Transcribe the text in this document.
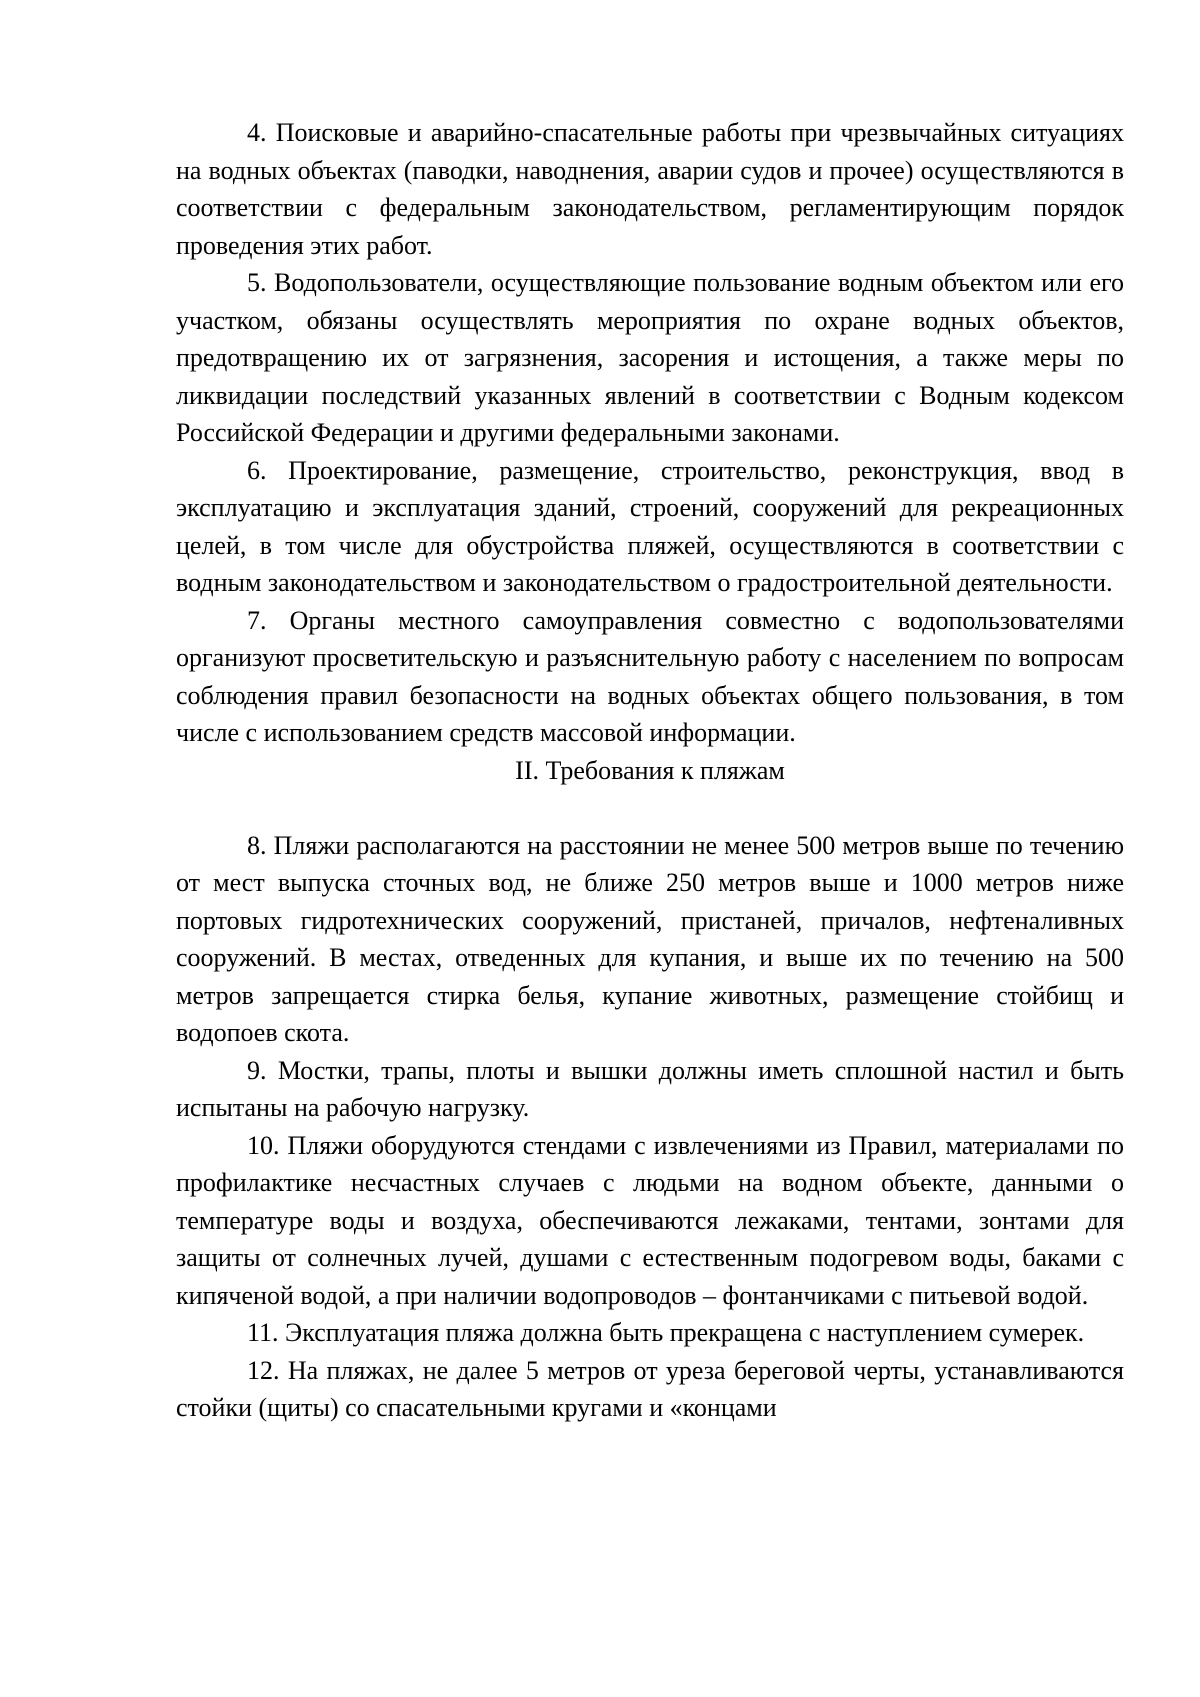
4. Поисковые и аварийно-спасательные работы при чрезвычайных ситуациях на водных объектах (паводки, наводнения, аварии судов и прочее) осуществляются в соответствии с федеральным законодательством, регламентирующим порядок проведения этих работ.

5. Водопользователи, осуществляющие пользование водным объектом или его участком, обязаны осуществлять мероприятия по охране водных объектов, предотвращению их от загрязнения, засорения и истощения, а также меры по ликвидации последствий указанных явлений в соответствии с Водным кодексом Российской Федерации и другими федеральными законами.

6. Проектирование, размещение, строительство, реконструкция, ввод в эксплуатацию и эксплуатация зданий, строений, сооружений для рекреационных целей, в том числе для обустройства пляжей, осуществляются в соответствии с водным законодательством и законодательством о градостроительной деятельности.

7. Органы местного самоуправления совместно с водопользователями организуют просветительскую и разъяснительную работу с населением по вопросам соблюдения правил безопасности на водных объектах общего пользования, в том числе с использованием средств массовой информации.

II. Требования к пляжам

8. Пляжи располагаются на расстоянии не менее 500 метров выше по течению от мест выпуска сточных вод, не ближе 250 метров выше и 1000 метров ниже портовых гидротехнических сооружений, пристаней, причалов, нефтеналивных сооружений. В местах, отведенных для купания, и выше их по течению на 500 метров запрещается стирка белья, купание животных, размещение стойбищ и водопоев скота.

9. Мостки, трапы, плоты и вышки должны иметь сплошной настил и быть испытаны на рабочую нагрузку.

10. Пляжи оборудуются стендами с извлечениями из Правил, материалами по профилактике несчастных случаев с людьми на водном объекте, данными о температуре воды и воздуха, обеспечиваются лежаками, тентами, зонтами для защиты от солнечных лучей, душами с естественным подогревом воды, баками с кипяченой водой, а при наличии водопроводов – фонтанчиками с питьевой водой.

11. Эксплуатация пляжа должна быть прекращена с наступлением сумерек.

12. На пляжах, не далее 5 метров от уреза береговой черты, устанавливаются стойки (щиты) со спасательными кругами и «концами
